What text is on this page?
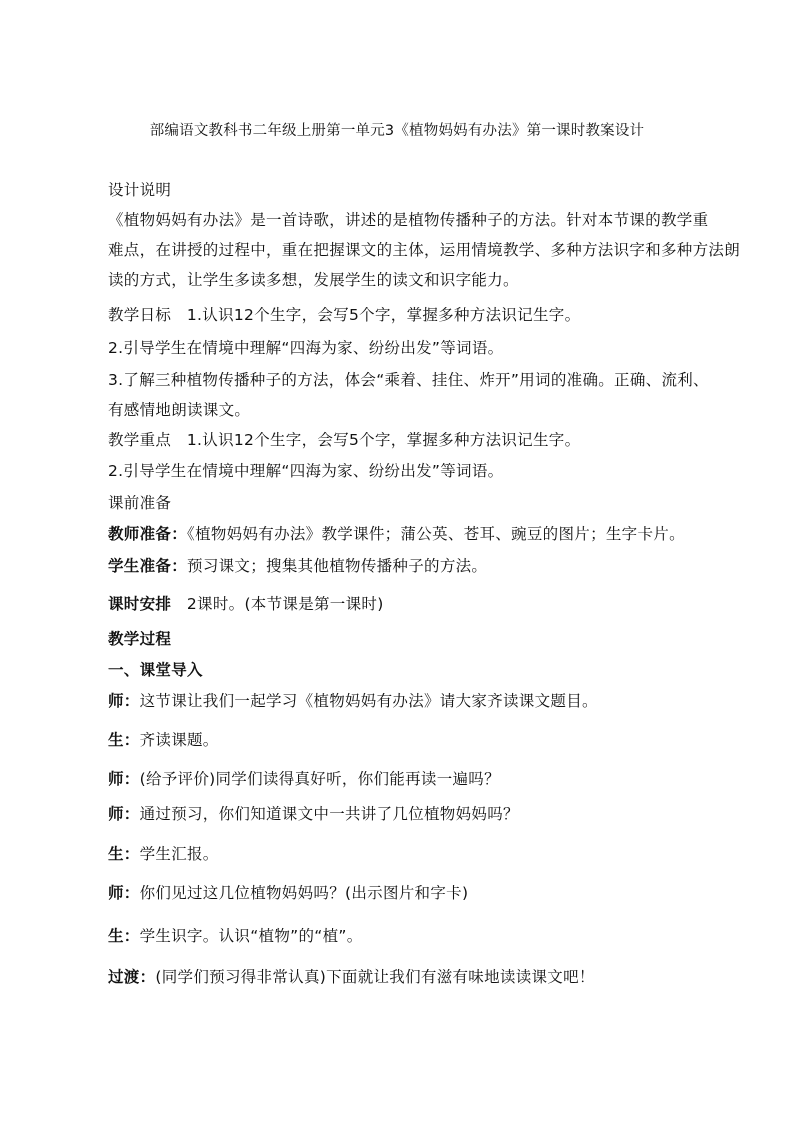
部编语文教科书二年级上册第一单元3《植物妈妈有办法》第一课时教案设计
设计说明
《植物妈妈有办法》是一首诗歌，讲述的是植物传播种子的方法。针对本节课的教学重
难点，在讲授的过程中，重在把握课文的主体，运用情境教学、多种方法识字和多种方法朗
读的方式，让学生多读多想，发展学生的读文和识字能力。
教学日标 1.认识12个生字，会写5个字，掌握多种方法识记生字。
2.引导学生在情境中理解“四海为家、纷纷出发”等词语。
3.了解三种植物传播种子的方法，体会“乘着、挂住、炸开”用词的准确。正确、流利、
有感情地朗读课文。
教学重点 1.认识12个生字，会写5个字，掌握多种方法识记生字。
2.引导学生在情境中理解“四海为家、纷纷出发”等词语。
课前准备
教师准备：《植物妈妈有办法》教学课件；蒲公英、苍耳、豌豆的图片；生字卡片。
学生准备：预习课文；搜集其他植物传播种子的方法。
课时安排 2课时。(本节课是第一课时)
教学过程
一、课堂导入
师：这节课让我们一起学习《植物妈妈有办法》请大家齐读课文题目。
生：齐读课题。
师：(给予评价)同学们读得真好听，你们能再读一遍吗？
师：通过预习，你们知道课文中一共讲了几位植物妈妈吗？
生：学生汇报。
师：你们见过这几位植物妈妈吗？(出示图片和字卡)
生：学生识字。认识“植物”的“植”。
过渡：(同学们预习得非常认真)下面就让我们有滋有味地读读课文吧！
